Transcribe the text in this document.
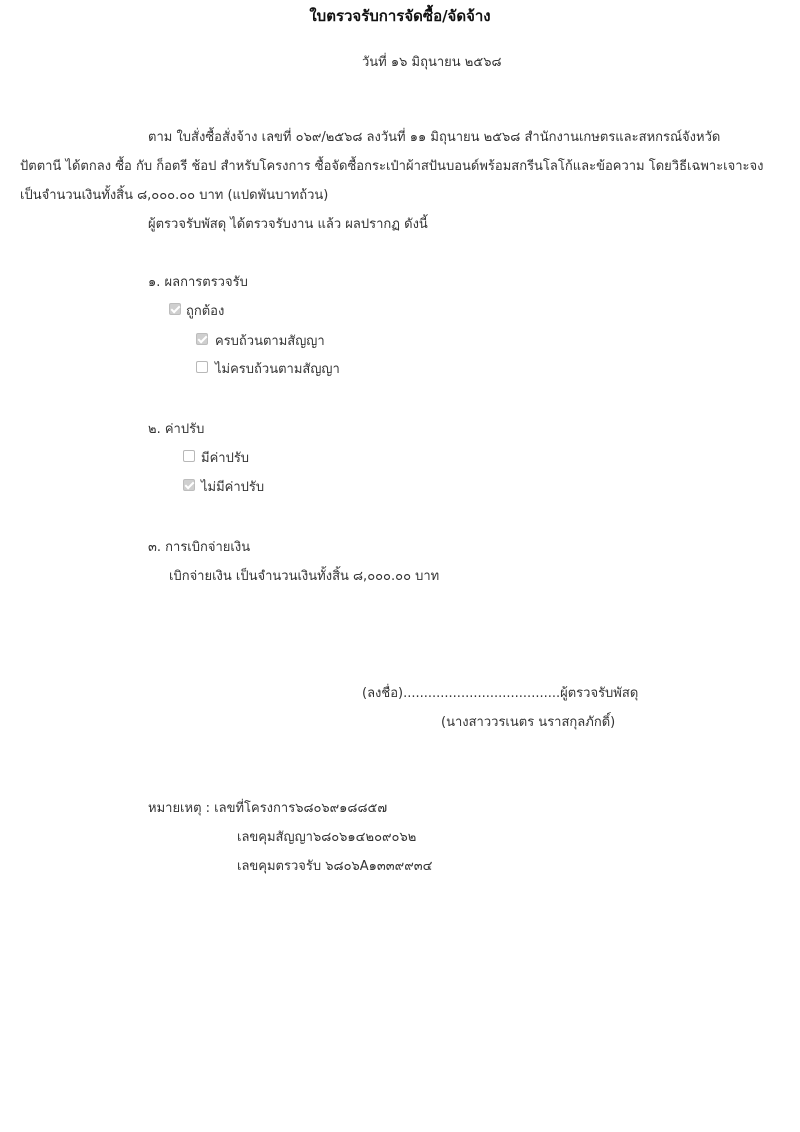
ใบตรวจรับการจัดซื้อ/จัดจ้าง
วันที่ ๑๖ มิถุนายน ๒๕๖๘
ตาม ใบสั่งซื้อสั่งจ้าง เลขที่ ๐๖๙/๒๕๖๘ ลงวันที่ ๑๑ มิถุนายน ๒๕๖๘ สำนักงานเกษตรและสหกรณ์จังหวัด
ปัตตานี ได้ตกลง ซื้อ กับ ก็อตรี ช้อป สำหรับโครงการ ซื้อจัดซื้อกระเป๋าผ้าสปันบอนด์พร้อมสกรีนโลโก้และข้อความ โดยวิธีเฉพาะเจาะจง
เป็นจำนวนเงินทั้งสิ้น ๘,๐๐๐.๐๐ บาท (แปดพันบาทถ้วน)
ผู้ตรวจรับพัสดุ ได้ตรวจรับงาน แล้ว ผลปรากฏ ดังนี้
๑. ผลการตรวจรับ
ถูกต้อง
ครบถ้วนตามสัญญา
ไม่ครบถ้วนตามสัญญา
๒. ค่าปรับ
มีค่าปรับ
ไม่มีค่าปรับ
๓. การเบิกจ่ายเงิน
เบิกจ่ายเงิน เป็นจำนวนเงินทั้งสิ้น ๘,๐๐๐.๐๐ บาท
(ลงชื่อ)......................................ผู้ตรวจรับพัสดุ
(นางสาววรเนตร นราสกุลภักดิ์)
หมายเหตุ : เลขที่โครงการ๖๘๐๖๙๑๘๘๕๗
เลขคุมสัญญา๖๘๐๖๑๔๒๐๙๐๖๒
เลขคุมตรวจรับ ๖๘๐๖A๑๓๓๙๙๓๔
